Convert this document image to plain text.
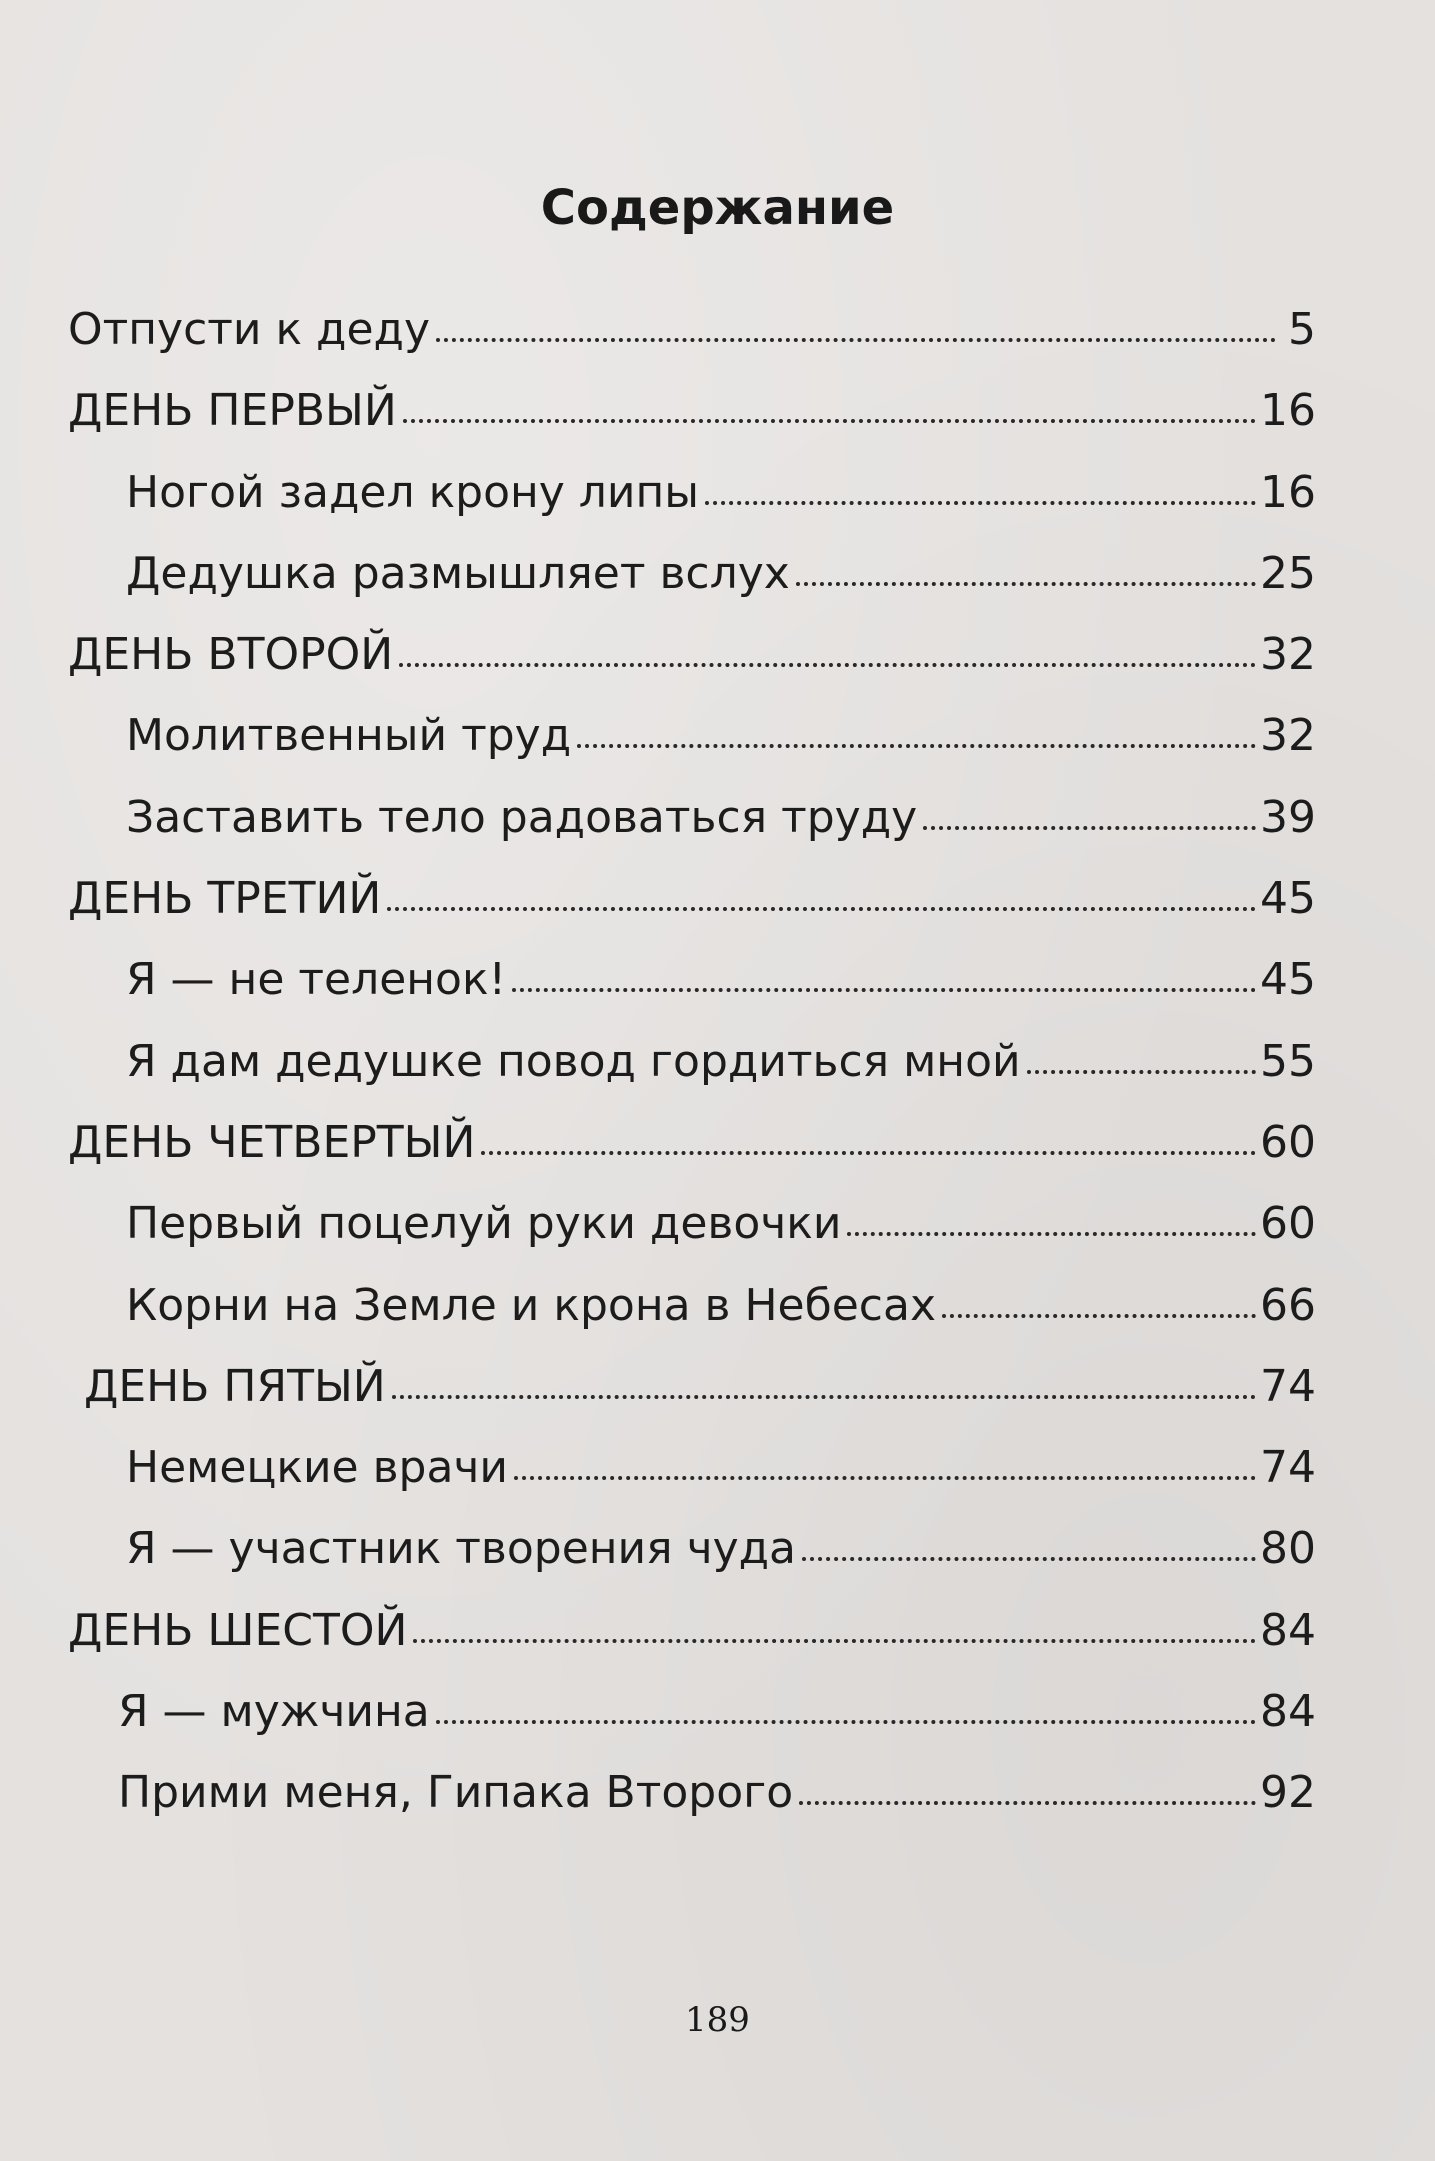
Содержание
Отпусти к деду	5
ДЕНЬ ПЕРВЫЙ	16
Ногой задел крону липы	16
Дедушка размышляет вслух	25
ДЕНЬ ВТОРОЙ	32
Молитвенный труд	32
Заставить тело радоваться труду	39
ДЕНЬ ТРЕТИЙ	45
Я — не теленок!	45
Я дам дедушке повод гордиться мной	55
ДЕНЬ ЧЕТВЕРТЫЙ	60
Первый поцелуй руки девочки	60
Корни на Земле и крона в Небесах	66
ДЕНЬ ПЯТЫЙ	74
Немецкие врачи	74
Я — участник творения чуда	80
ДЕНЬ ШЕСТОЙ	84
Я — мужчина	84
Прими меня, Гипака Второго	92
189
